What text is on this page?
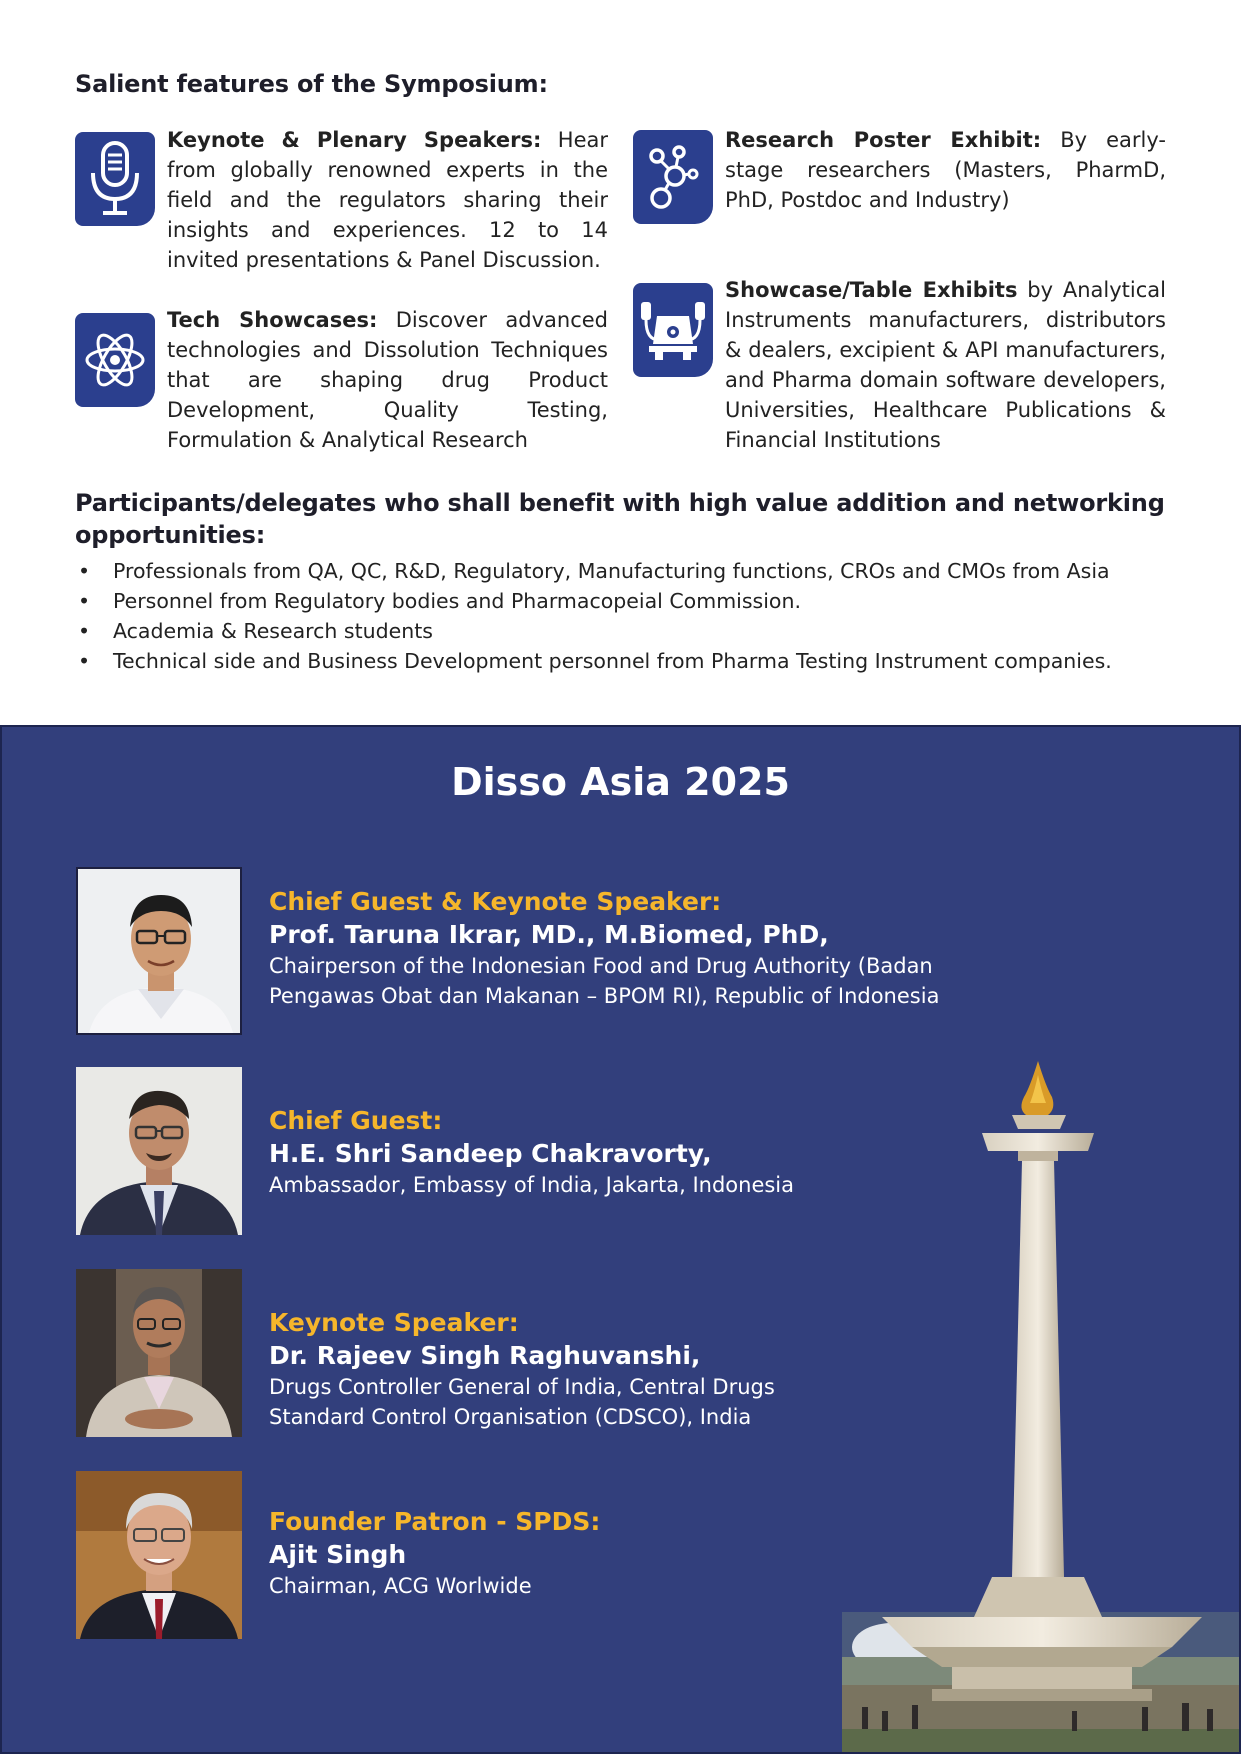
Salient features of the Symposium:
Keynote & Plenary Speakers: Hear from globally renowned experts in the field and the regulators sharing their insights and experiences. 12 to 14 invited presentations & Panel Discussion.
Tech Showcases: Discover advanced technologies and Dissolution Techniques that are shaping drug Product Development, Quality Testing, Formulation & Analytical Research
Research Poster Exhibit: By early-stage researchers (Masters, PharmD, PhD, Postdoc and Industry)
Showcase/Table Exhibits by Analytical Instruments manufacturers, distributors & dealers, excipient & API manufacturers, and Pharma domain software developers, Universities, Healthcare Publications & Financial Institutions
Participants/delegates who shall benefit with high value addition and networking opportunities:
• Professionals from QA, QC, R&D, Regulatory, Manufacturing functions, CROs and CMOs from Asia
• Personnel from Regulatory bodies and Pharmacopeial Commission.
• Academia & Research students
• Technical side and Business Development personnel from Pharma Testing Instrument companies.
Disso Asia 2025
Chief Guest & Keynote Speaker:
Prof. Taruna Ikrar, MD., M.Biomed, PhD,
Chairperson of the Indonesian Food and Drug Authority (Badan
Pengawas Obat dan Makanan – BPOM RI), Republic of Indonesia
Chief Guest:
H.E. Shri Sandeep Chakravorty,
Ambassador, Embassy of India, Jakarta, Indonesia
Keynote Speaker:
Dr. Rajeev Singh Raghuvanshi,
Drugs Controller General of India, Central Drugs
Standard Control Organisation (CDSCO), India
Founder Patron - SPDS:
Ajit Singh
Chairman, ACG Worlwide
